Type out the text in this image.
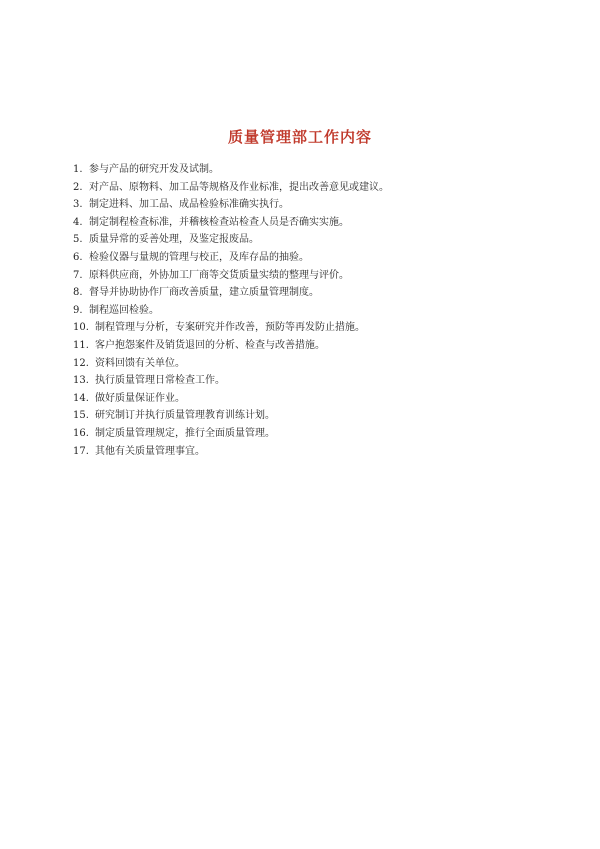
质量管理部工作内容
1. 参与产品的研究开发及试制。
2. 对产品、原物料、加工品等规格及作业标准，提出改善意见或建议。
3. 制定进料、加工品、成品检验标准确实执行。
4. 制定制程检查标准，并稽核检查站检查人员是否确实实施。
5. 质量异常的妥善处理，及鉴定报废品。
6. 检验仪器与量规的管理与校正，及库存品的抽验。
7. 原料供应商，外协加工厂商等交货质量实绩的整理与评价。
8. 督导并协助协作厂商改善质量，建立质量管理制度。
9. 制程巡回检验。
10. 制程管理与分析，专案研究并作改善，预防等再发防止措施。
11. 客户抱怨案件及销货退回的分析、检查与改善措施。
12. 资料回馈有关单位。
13. 执行质量管理日常检查工作。
14. 做好质量保证作业。
15. 研究制订并执行质量管理教育训练计划。
16. 制定质量管理规定，推行全面质量管理。
17. 其他有关质量管理事宜。
